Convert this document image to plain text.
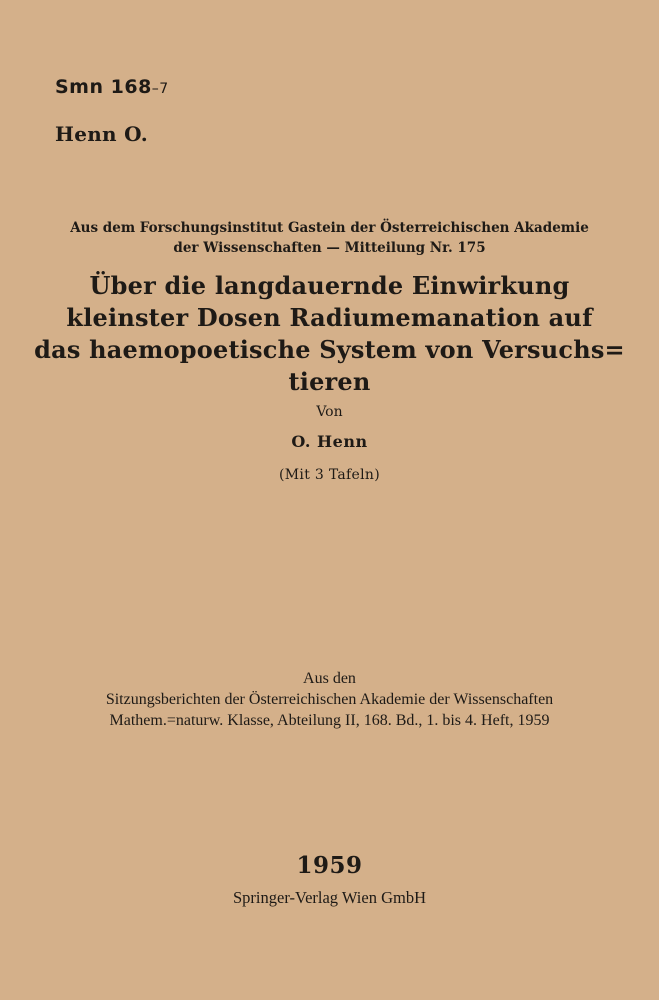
Smn 168–7
Henn O.
Aus dem Forschungsinstitut Gastein der Österreichischen Akademie
der Wissenschaften — Mitteilung Nr. 175
Über die langdauernde Einwirkung
kleinster Dosen Radiumemanation auf
das haemopoetische System von Versuchs=
tieren
Von
O. Henn
(Mit 3 Tafeln)
Aus den
Sitzungsberichten der Österreichischen Akademie der Wissenschaften
Mathem.=naturw. Klasse, Abteilung II, 168. Bd., 1. bis 4. Heft, 1959
1959
Springer-Verlag Wien GmbH
